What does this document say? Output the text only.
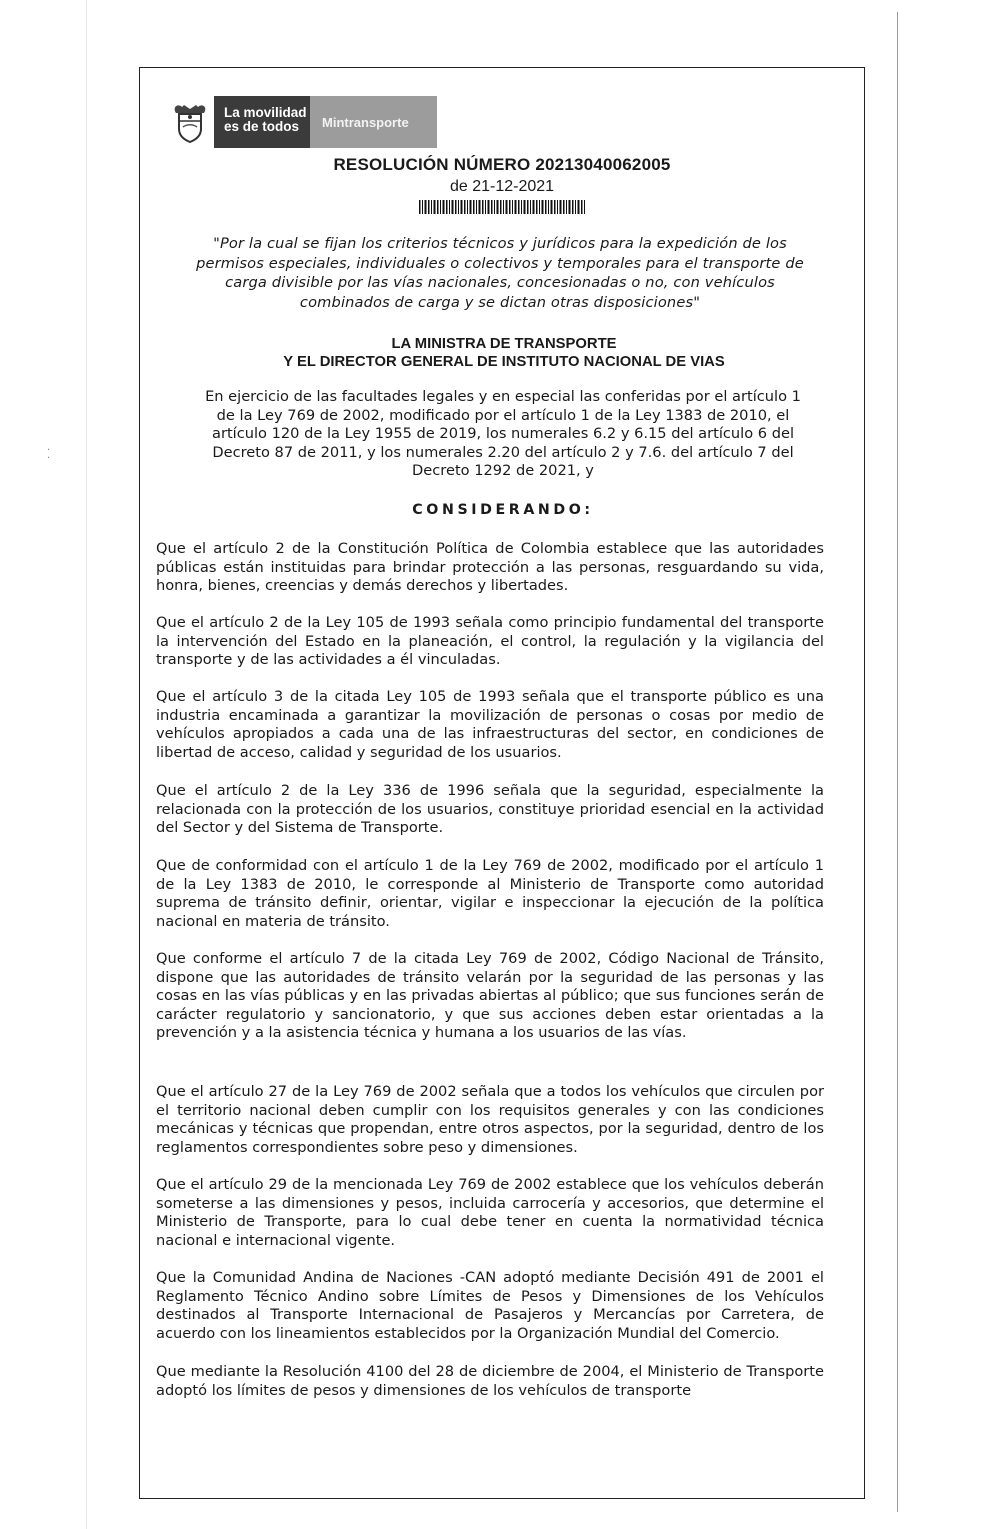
·
·
La movilidad
es de todos	Mintransporte
RESOLUCIÓN NÚMERO 20213040062005
de 21-12-2021
"Por la cual se fijan los criterios técnicos y jurídicos para la expedición de los
permisos especiales, individuales o colectivos y temporales para el transporte de
carga divisible por las vías nacionales, concesionadas o no, con vehículos
combinados de carga y se dictan otras disposiciones"
LA MINISTRA DE TRANSPORTE
Y EL DIRECTOR GENERAL DE INSTITUTO NACIONAL DE VIAS
En ejercicio de las facultades legales y en especial las conferidas por el artículo 1
de la Ley 769 de 2002, modificado por el artículo 1 de la Ley 1383 de 2010, el
artículo 120 de la Ley 1955 de 2019, los numerales 6.2 y 6.15 del artículo 6 del
Decreto 87 de 2011, y los numerales 2.20 del artículo 2 y 7.6. del artículo 7 del
Decreto 1292 de 2021, y
CONSIDERANDO:
Que el artículo 2 de la Constitución Política de Colombia establece que las autoridades públicas están instituidas para brindar protección a las personas, resguardando su vida, honra, bienes, creencias y demás derechos y libertades.
Que el artículo 2 de la Ley 105 de 1993 señala como principio fundamental del transporte la intervención del Estado en la planeación, el control, la regulación y la vigilancia del transporte y de las actividades a él vinculadas.
Que el artículo 3 de la citada Ley 105 de 1993 señala que el transporte público es una industria encaminada a garantizar la movilización de personas o cosas por medio de vehículos apropiados a cada una de las infraestructuras del sector, en condiciones de libertad de acceso, calidad y seguridad de los usuarios.
Que el artículo 2 de la Ley 336 de 1996 señala que la seguridad, especialmente la relacionada con la protección de los usuarios, constituye prioridad esencial en la actividad del Sector y del Sistema de Transporte.
Que de conformidad con el artículo 1 de la Ley 769 de 2002, modificado por el artículo 1 de la Ley 1383 de 2010, le corresponde al Ministerio de Transporte como autoridad suprema de tránsito definir, orientar, vigilar e inspeccionar la ejecución de la política nacional en materia de tránsito.
Que conforme el artículo 7 de la citada Ley 769 de 2002, Código Nacional de Tránsito, dispone que las autoridades de tránsito velarán por la seguridad de las personas y las cosas en las vías públicas y en las privadas abiertas al público; que sus funciones serán de carácter regulatorio y sancionatorio, y que sus acciones deben estar orientadas a la prevención y a la asistencia técnica y humana a los usuarios de las vías.
Que el artículo 27 de la Ley 769 de 2002 señala que a todos los vehículos que circulen por el territorio nacional deben cumplir con los requisitos generales y con las condiciones mecánicas y técnicas que propendan, entre otros aspectos, por la seguridad, dentro de los reglamentos correspondientes sobre peso y dimensiones.
Que el artículo 29 de la mencionada Ley 769 de 2002 establece que los vehículos deberán someterse a las dimensiones y pesos, incluida carrocería y accesorios, que determine el Ministerio de Transporte, para lo cual debe tener en cuenta la normatividad técnica nacional e internacional vigente.
Que la Comunidad Andina de Naciones -CAN adoptó mediante Decisión 491 de 2001 el Reglamento Técnico Andino sobre Límites de Pesos y Dimensiones de los Vehículos destinados al Transporte Internacional de Pasajeros y Mercancías por Carretera, de acuerdo con los lineamientos establecidos por la Organización Mundial del Comercio.
Que mediante la Resolución 4100 del 28 de diciembre de 2004, el Ministerio de Transporte adoptó los límites de pesos y dimensiones de los vehículos de transporte
